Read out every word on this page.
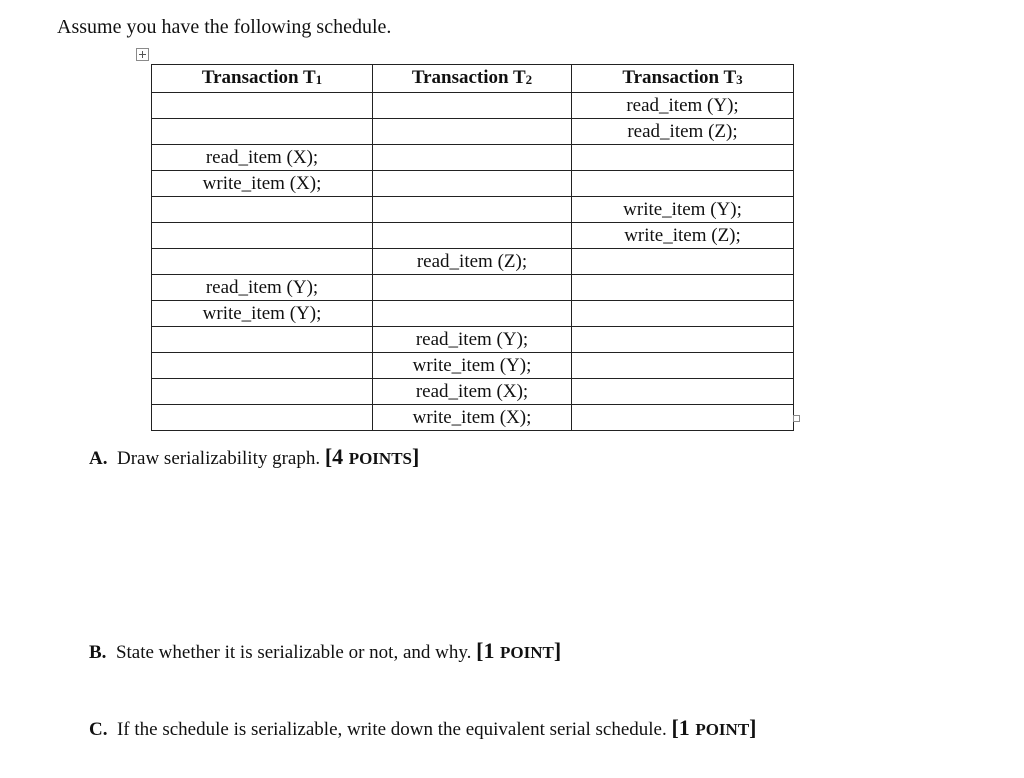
Assume you have the following schedule.
Transaction T1	Transaction T2	Transaction T3

		read_item (Y);

		read_item (Z);

read_item (X);		

write_item (X);		

		write_item (Y);

		write_item (Z);

	read_item (Z);	

read_item (Y);		

write_item (Y);		

	read_item (Y);	

	write_item (Y);	

	read_item (X);	

	write_item (X);	

A. Draw serializability graph. [4 POINTS]
B. State whether it is serializable or not, and why. [1 POINT]
C. If the schedule is serializable, write down the equivalent serial schedule. [1 POINT]
